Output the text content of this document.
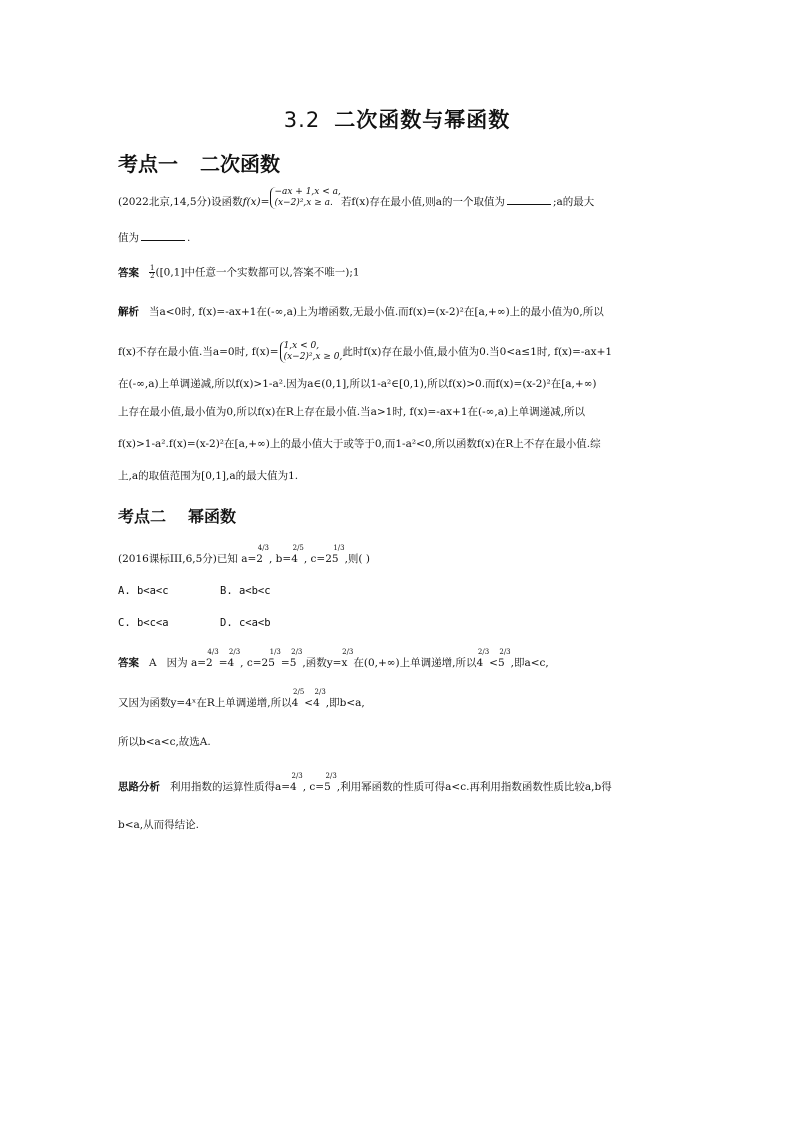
3.2 二次函数与幂函数
考点一 二次函数
(2022北京,14,5分)设函数f(x)=
−ax + 1,x < a,
(x−2)²,x ≥ a. 若f(x)存在最小值,则a的一个取值为	;a的最大
值为	.
答案 $\frac{1}{2} ([0,1]$中任意一个实数都可以,答案不唯一);1
解析 当a<0时, f(x)=-ax+1在(-∞,a)上为增函数,无最小值.而f(x)=(x-2)²在[a,+∞)上的最小值为0,所以
f(x)不存在最小值.当a=0时, f(x)= 1,x < 0,
(x−2)²,x ≥ 0, 此时f(x)存在最小值,最小值为0.当0<a≤1时, f(x)=-ax+1
在(-∞,a)上单调递减,所以f(x)>1-a².因为a∈(0,1],所以1-a²∈[0,1),所以f(x)>0.而f(x)=(x-2)²在[a,+∞)
上存在最小值,最小值为0,所以f(x)在R上存在最小值.当a>1时, f(x)=-ax+1在(-∞,a)上单调递减,所以
f(x)>1-a².f(x)=(x-2)²在[a,+∞)上的最小值大于或等于0,而1-a²<0,所以函数f(x)在R上不存在最小值.综
上,a的取值范围为[0,1],a的最大值为1.
考点二 幂函数
(2016课标III,6,5分)已知 a=2
4/3
, b=4
2/5
, c=25
1/3
,则( )
A. b<a<c	B. a<b<c
C. b<c<a	D. c<a<b
答案 A 因为 a=2
4/3
=4
2/3
, c=25
1/3
=5
2/3
,函数y=x
2/3
在(0,+∞)上单调递增,所以4
2/3
<5
2/3
,即a<c,
又因为函数y=4ˣ在R上单调递增,所以4
2/5
<4
2/3
,即b<a,
所以b<a<c,故选A.
思路分析 利用指数的运算性质得a=4
2/3
, c=5
2/3
,利用幂函数的性质可得a<c.再利用指数函数性质比较a,b得
b<a,从而得结论.
